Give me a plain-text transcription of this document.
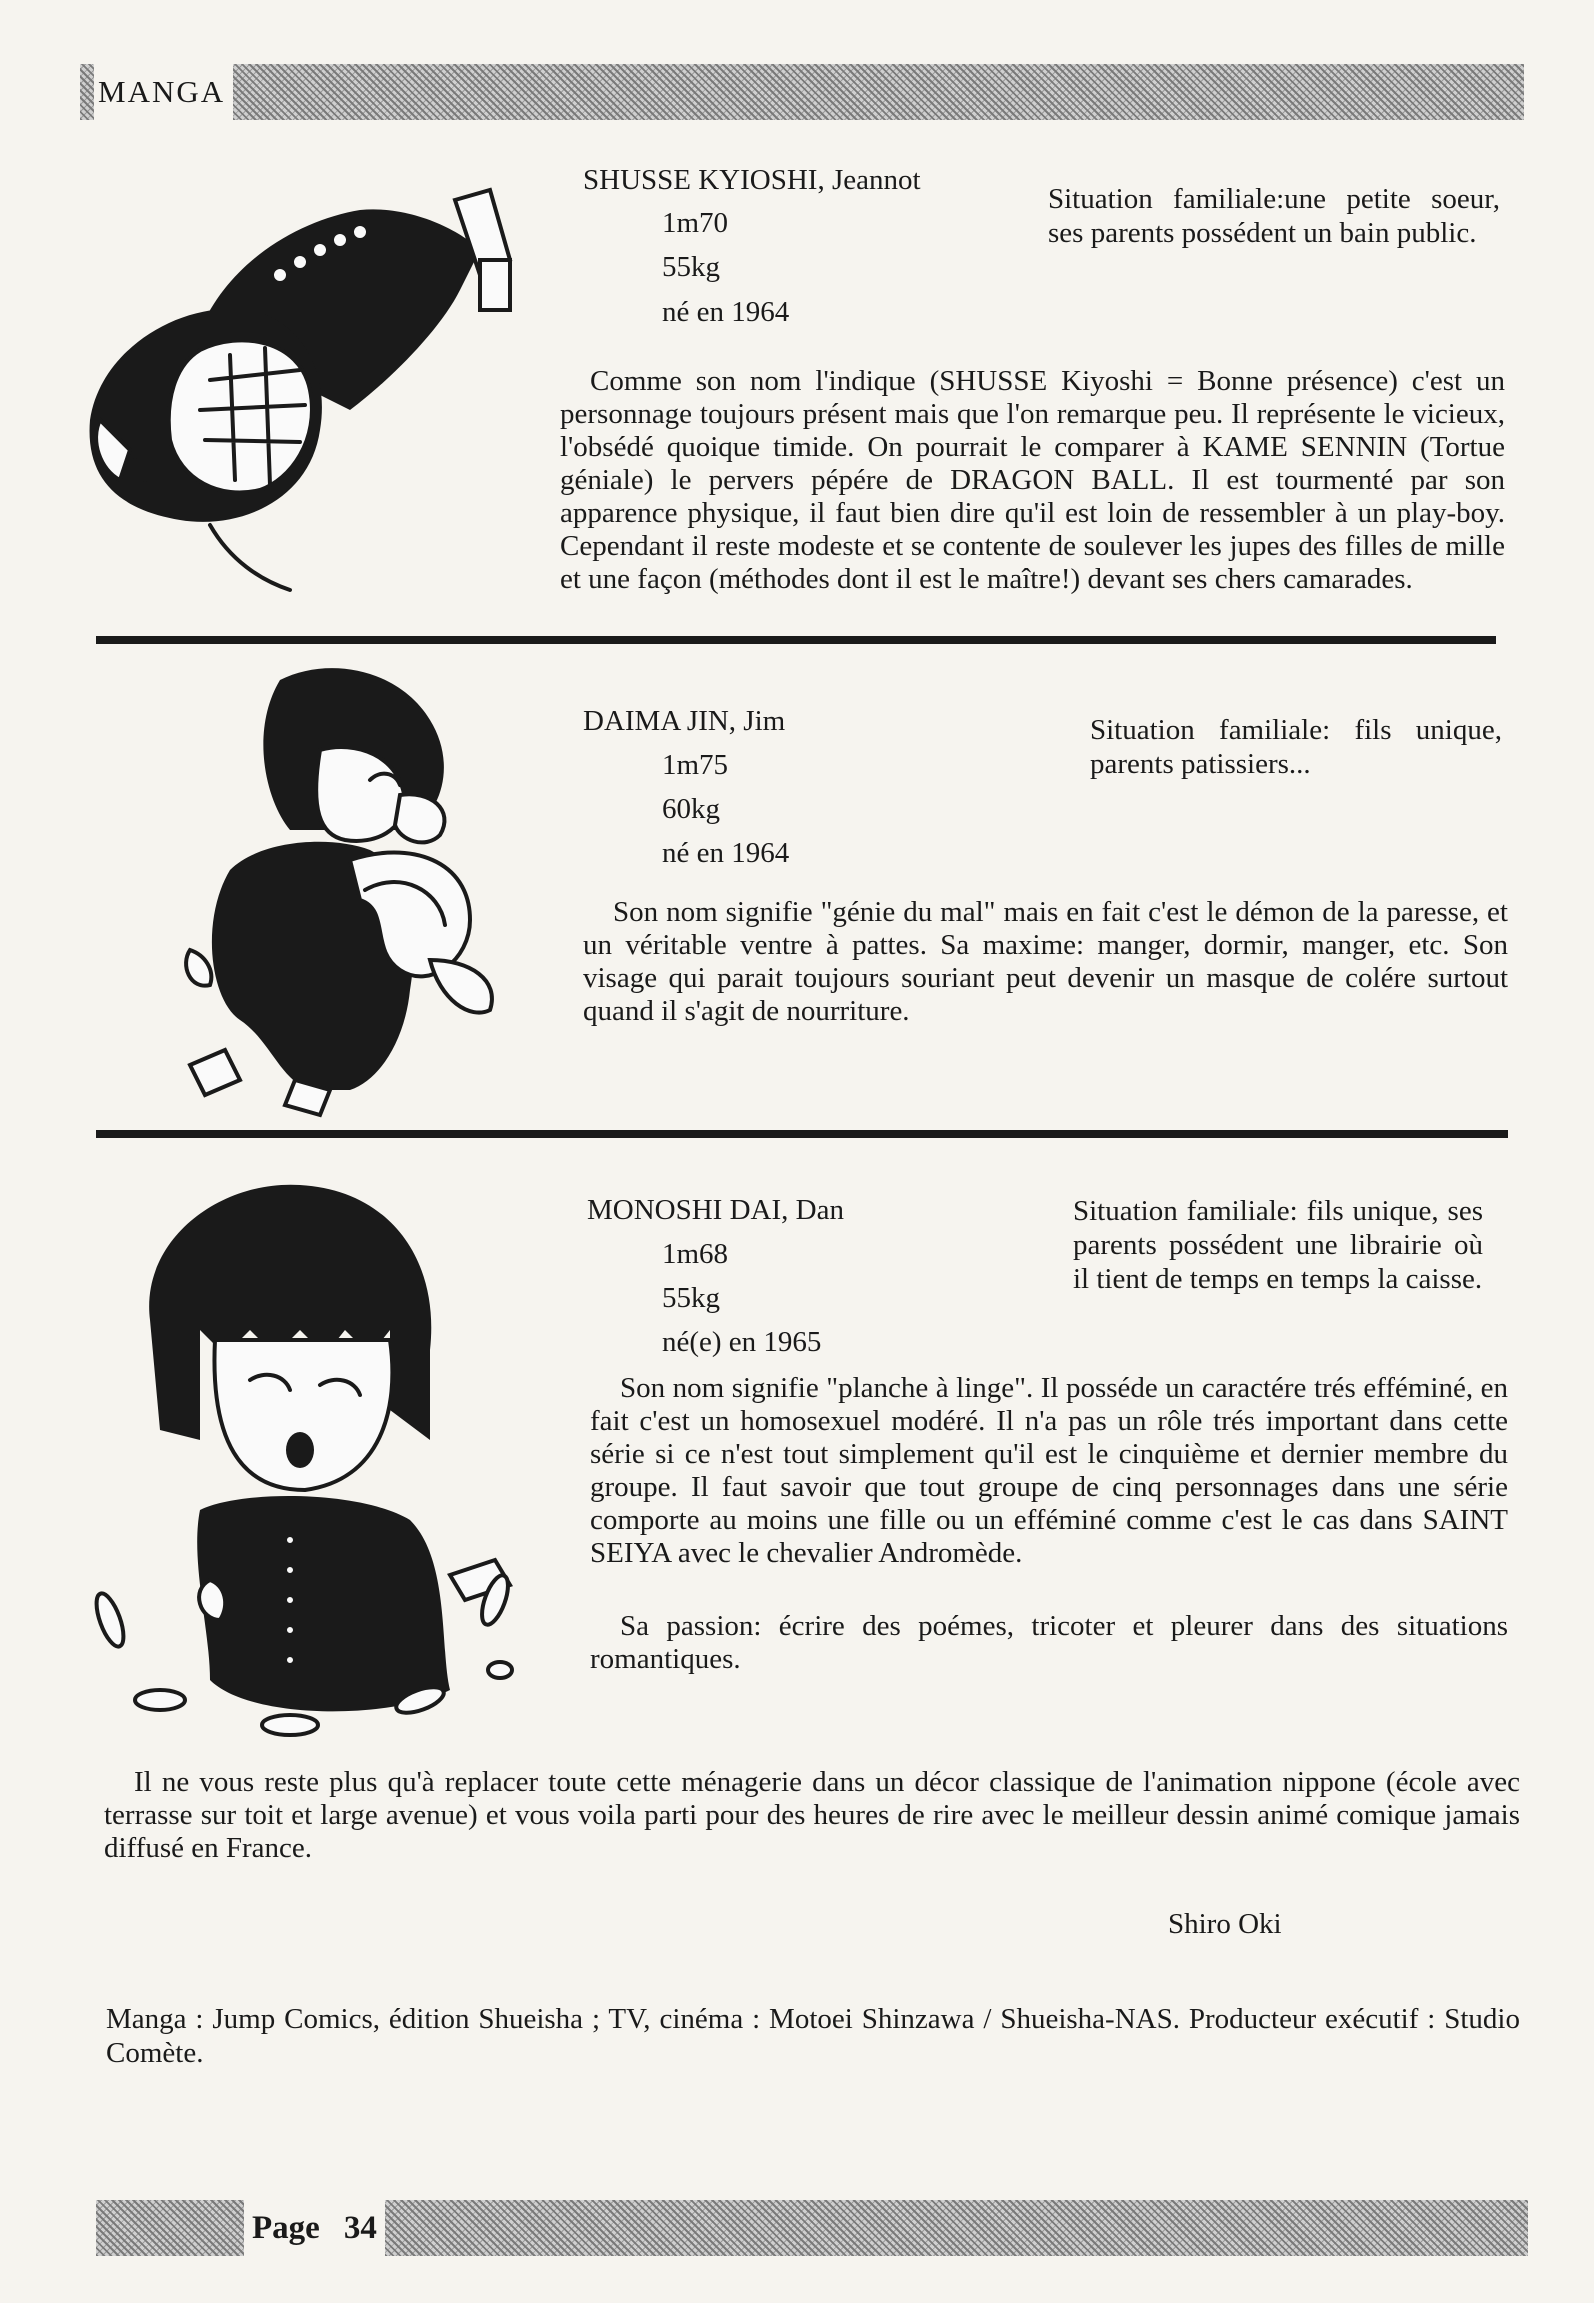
MANGA
SHUSSE KYIOSHI, Jeannot
1m70
55kg
né en 1964
Situation familiale:une petite soeur, ses parents possédent un bain public.

Comme son nom l'indique (SHUSSE Kiyoshi = Bonne présence) c'est un personnage toujours présent mais que l'on remarque peu. Il représente le vicieux, l'obsédé quoique timide. On pourrait le comparer à KAME SENNIN (Tortue géniale) le pervers pépére de DRAGON BALL. Il est tourmenté par son apparence physique, il faut bien dire qu'il est loin de ressembler à un play-boy. Cependant il reste modeste et se contente de soulever les jupes des filles de mille et une façon (méthodes dont il est le maître!) devant ses chers camarades.

DAIMA JIN, Jim
1m75
60kg
né en 1964
Situation familiale: fils unique, parents patissiers...

Son nom signifie "génie du mal" mais en fait c'est le démon de la paresse, et un véritable ventre à pattes. Sa maxime: manger, dormir, manger, etc. Son visage qui parait toujours souriant peut devenir un masque de colére surtout quand il s'agit de nourriture.

MONOSHI DAI, Dan
1m68
55kg
né(e) en 1965
Situation familiale: fils unique, ses parents possédent une librairie où il tient de temps en temps la caisse.

Son nom signifie "planche à linge". Il posséde un caractére trés efféminé, en fait c'est un homosexuel modéré. Il n'a pas un rôle trés important dans cette série si ce n'est tout simplement qu'il est le cinquième et dernier membre du groupe. Il faut savoir que tout groupe de cinq personnages dans une série comporte au moins une fille ou un efféminé comme c'est le cas dans SAINT SEIYA avec le chevalier Andromède.

Sa passion: écrire des poémes, tricoter et pleurer dans des situations romantiques.

Il ne vous reste plus qu'à replacer toute cette ménagerie dans un décor classique de l'animation nippone (école avec terrasse sur toit et large avenue) et vous voila parti pour des heures de rire avec le meilleur dessin animé comique jamais diffusé en France.

Shiro Oki

Manga : Jump Comics, édition Shueisha ; TV, cinéma : Motoei Shinzawa / Shueisha-NAS. Producteur exécutif : Studio Comète.

Page 34
